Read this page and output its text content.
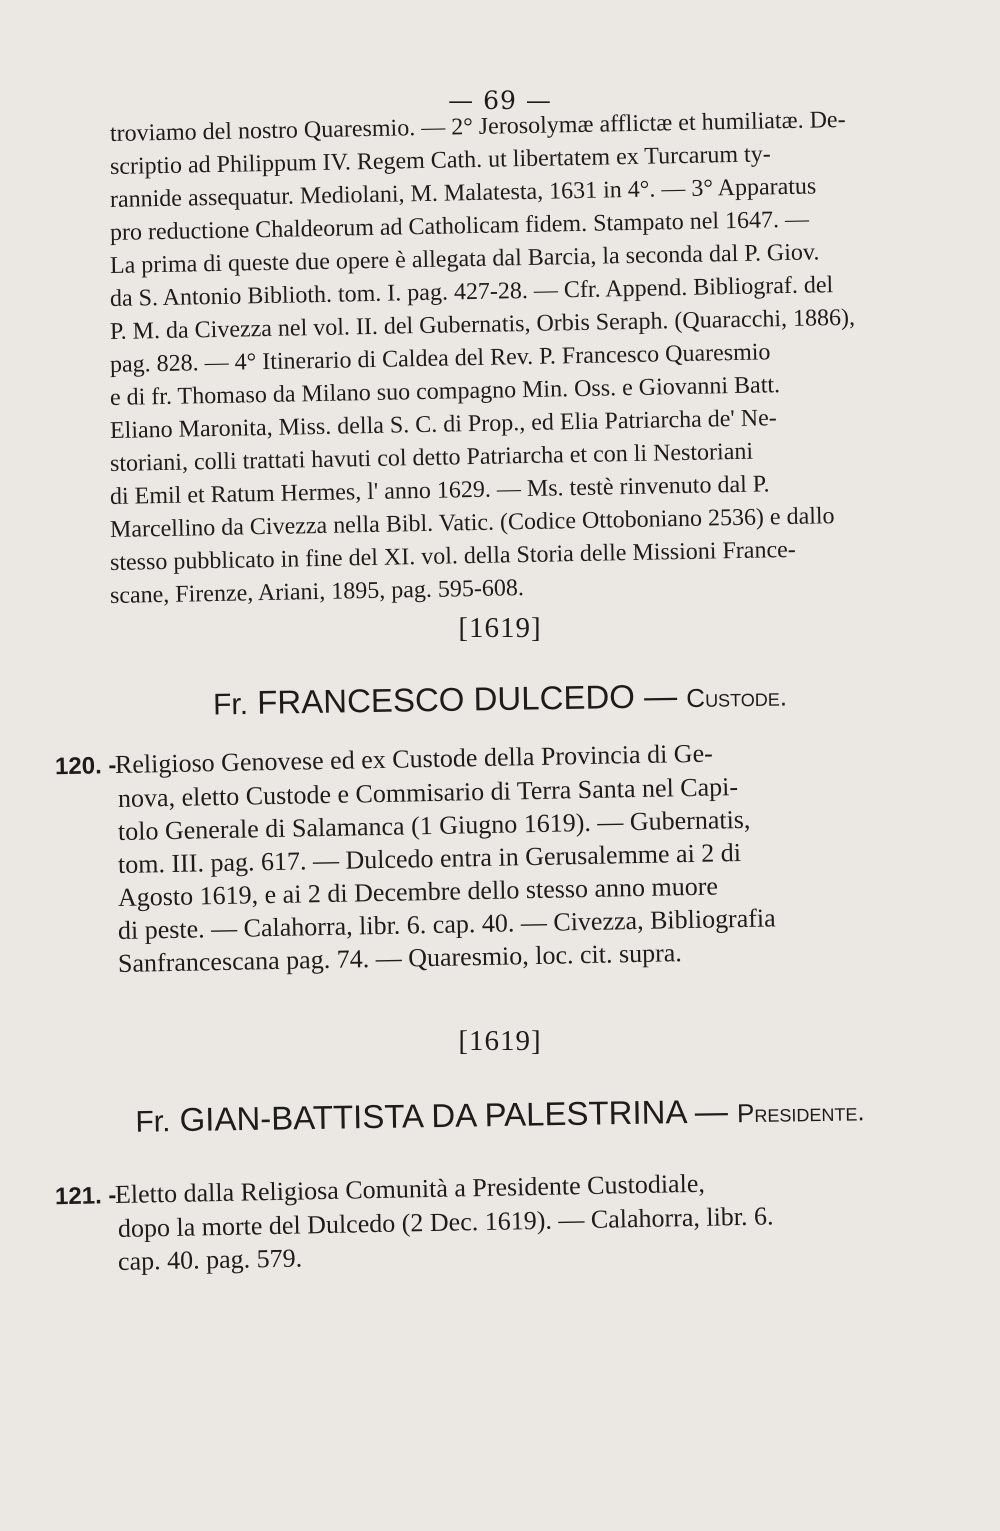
— 69 —
troviamo del nostro Quaresmio. — 2° Jerosolymæ afflictæ et humiliatæ. De-
scriptio ad Philippum IV. Regem Cath. ut libertatem ex Turcarum ty-
rannide assequatur. Mediolani, M. Malatesta, 1631 in 4°. — 3° Apparatus
pro reductione Chaldeorum ad Catholicam fidem. Stampato nel 1647. —
La prima di queste due opere è allegata dal Barcia, la seconda dal P. Giov.
da S. Antonio Biblioth. tom. I. pag. 427-28. — Cfr. Append. Bibliograf. del
P. M. da Civezza nel vol. II. del Gubernatis, Orbis Seraph. (Quaracchi, 1886),
pag. 828. — 4° Itinerario di Caldea del Rev. P. Francesco Quaresmio
e di fr. Thomaso da Milano suo compagno Min. Oss. e Giovanni Batt.
Eliano Maronita, Miss. della S. C. di Prop., ed Elia Patriarcha de' Ne-
storiani, colli trattati havuti col detto Patriarcha et con li Nestoriani
di Emil et Ratum Hermes, l' anno 1629. — Ms. testè rinvenuto dal P.
Marcellino da Civezza nella Bibl. Vatic. (Codice Ottoboniano 2536) e dallo
stesso pubblicato in fine del XI. vol. della Storia delle Missioni France-
scane, Firenze, Ariani, 1895, pag. 595-608.
[1619]
Fr. FRANCESCO DULCEDO — Custode.
120. -Religioso Genovese ed ex Custode della Provincia di Ge-
nova, eletto Custode e Commisario di Terra Santa nel Capi-
tolo Generale di Salamanca (1 Giugno 1619). — Gubernatis,
tom. III. pag. 617. — Dulcedo entra in Gerusalemme ai 2 di
Agosto 1619, e ai 2 di Decembre dello stesso anno muore
di peste. — Calahorra, libr. 6. cap. 40. — Civezza, Bibliografia
Sanfrancescana pag. 74. — Quaresmio, loc. cit. supra.
[1619]
Fr. GIAN-BATTISTA DA PALESTRINA — Presidente.
121. -Eletto dalla Religiosa Comunità a Presidente Custodiale,
dopo la morte del Dulcedo (2 Dec. 1619). — Calahorra, libr. 6.
cap. 40. pag. 579.
